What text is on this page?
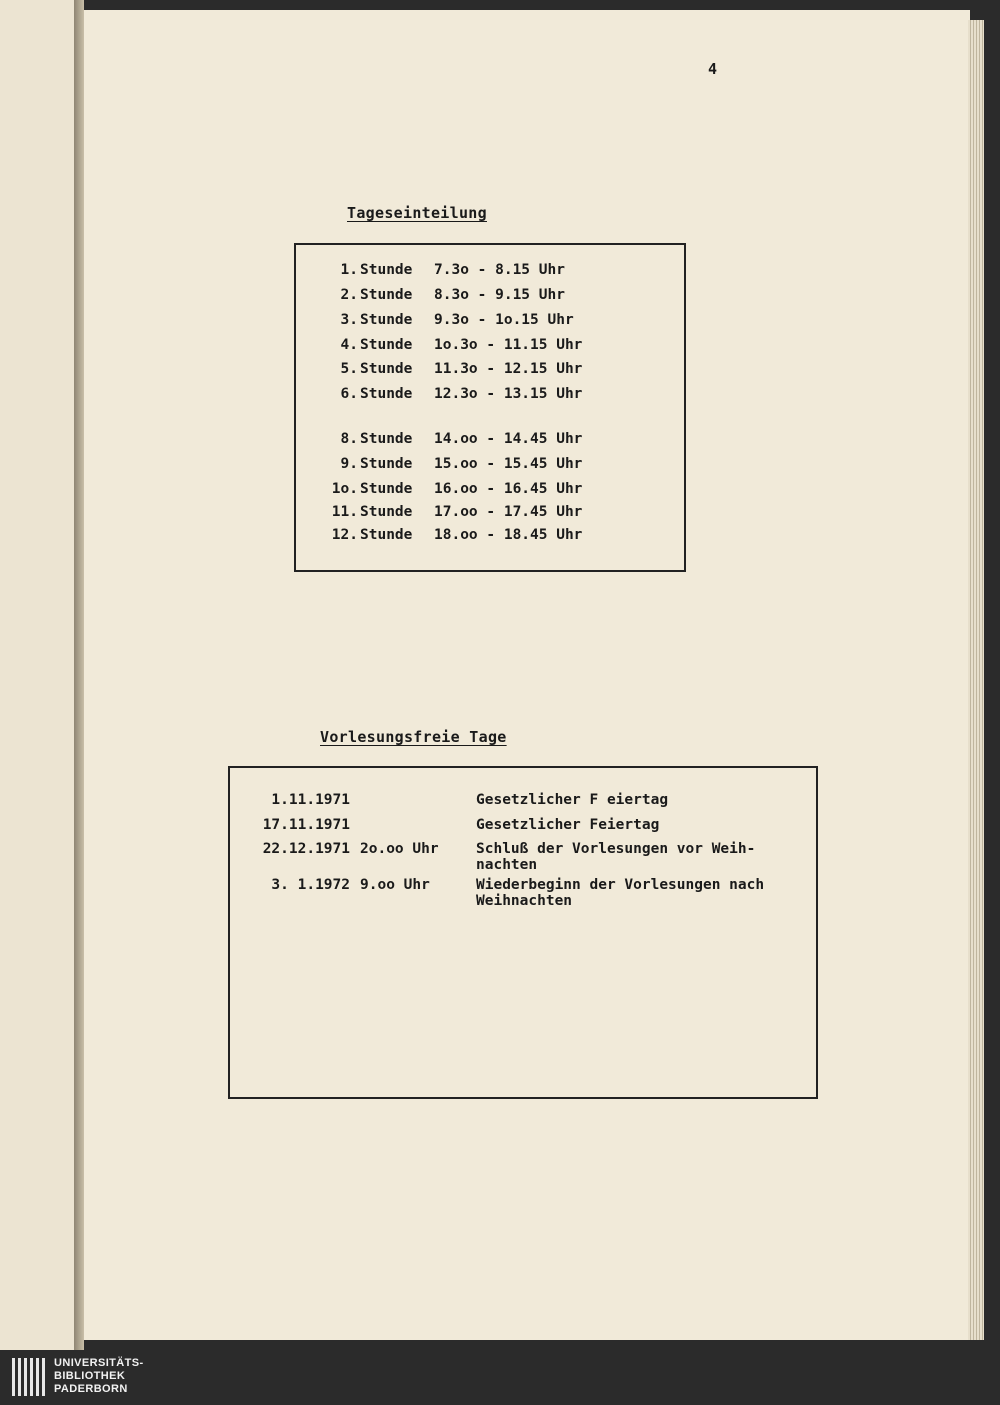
4
Tageseinteilung
1. Stunde 7.3o - 8.15 Uhr
2. Stunde 8.3o - 9.15 Uhr
3. Stunde 9.3o - 1o.15 Uhr
4. Stunde 1o.3o - 11.15 Uhr
5. Stunde 11.3o - 12.15 Uhr
6. Stunde 12.3o - 13.15 Uhr
8. Stunde 14.oo - 14.45 Uhr
9. Stunde 15.oo - 15.45 Uhr
1o. Stunde 16.oo - 16.45 Uhr
11. Stunde 17.oo - 17.45 Uhr
12. Stunde 18.oo - 18.45 Uhr
Vorlesungsfreie Tage
1.11.1971	Gesetzlicher F eiertag
17.11.1971	Gesetzlicher Feiertag
22.12.1971 2o.oo Uhr	Schluß der Vorlesungen vor Weih-nachten
3. 1.1972 9.oo Uhr	Wiederbeginn der Vorlesungen nach Weihnachten
UNIVERSITÄTS-
BIBLIOTHEK
PADERBORN
